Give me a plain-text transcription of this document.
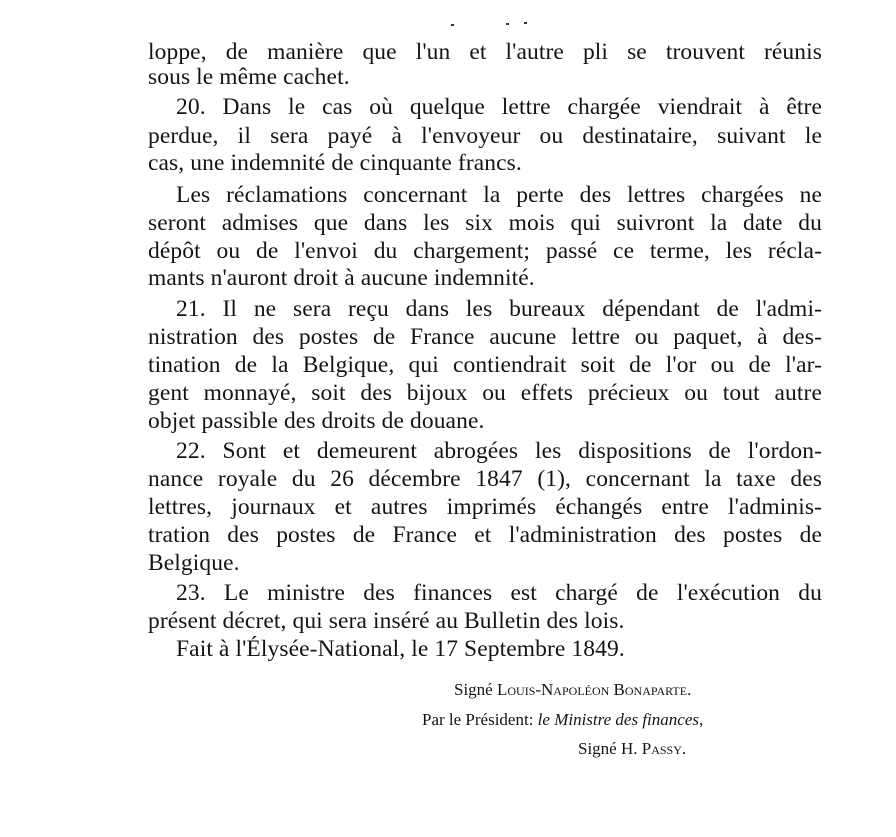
loppe, de manière que l'un et l'autre pli se trouvent réunis
sous le même cachet.
20. Dans le cas où quelque lettre chargée viendrait à être
perdue, il sera payé à l'envoyeur ou destinataire, suivant le
cas, une indemnité de cinquante francs.
Les réclamations concernant la perte des lettres chargées ne
seront admises que dans les six mois qui suivront la date du
dépôt ou de l'envoi du chargement; passé ce terme, les récla-
mants n'auront droit à aucune indemnité.
21. Il ne sera reçu dans les bureaux dépendant de l'admi-
nistration des postes de France aucune lettre ou paquet, à des-
tination de la Belgique, qui contiendrait soit de l'or ou de l'ar-
gent monnayé, soit des bijoux ou effets précieux ou tout autre
objet passible des droits de douane.
22. Sont et demeurent abrogées les dispositions de l'ordon-
nance royale du 26 décembre 1847 (1), concernant la taxe des
lettres, journaux et autres imprimés échangés entre l'adminis-
tration des postes de France et l'administration des postes de
Belgique.
23. Le ministre des finances est chargé de l'exécution du
présent décret, qui sera inséré au Bulletin des lois.
Fait à l'Élysée-National, le 17 Septembre 1849.
Signé Louis-Napoléon Bonaparte.
Par le Président: le Ministre des finances,
Signé H. Passy.
